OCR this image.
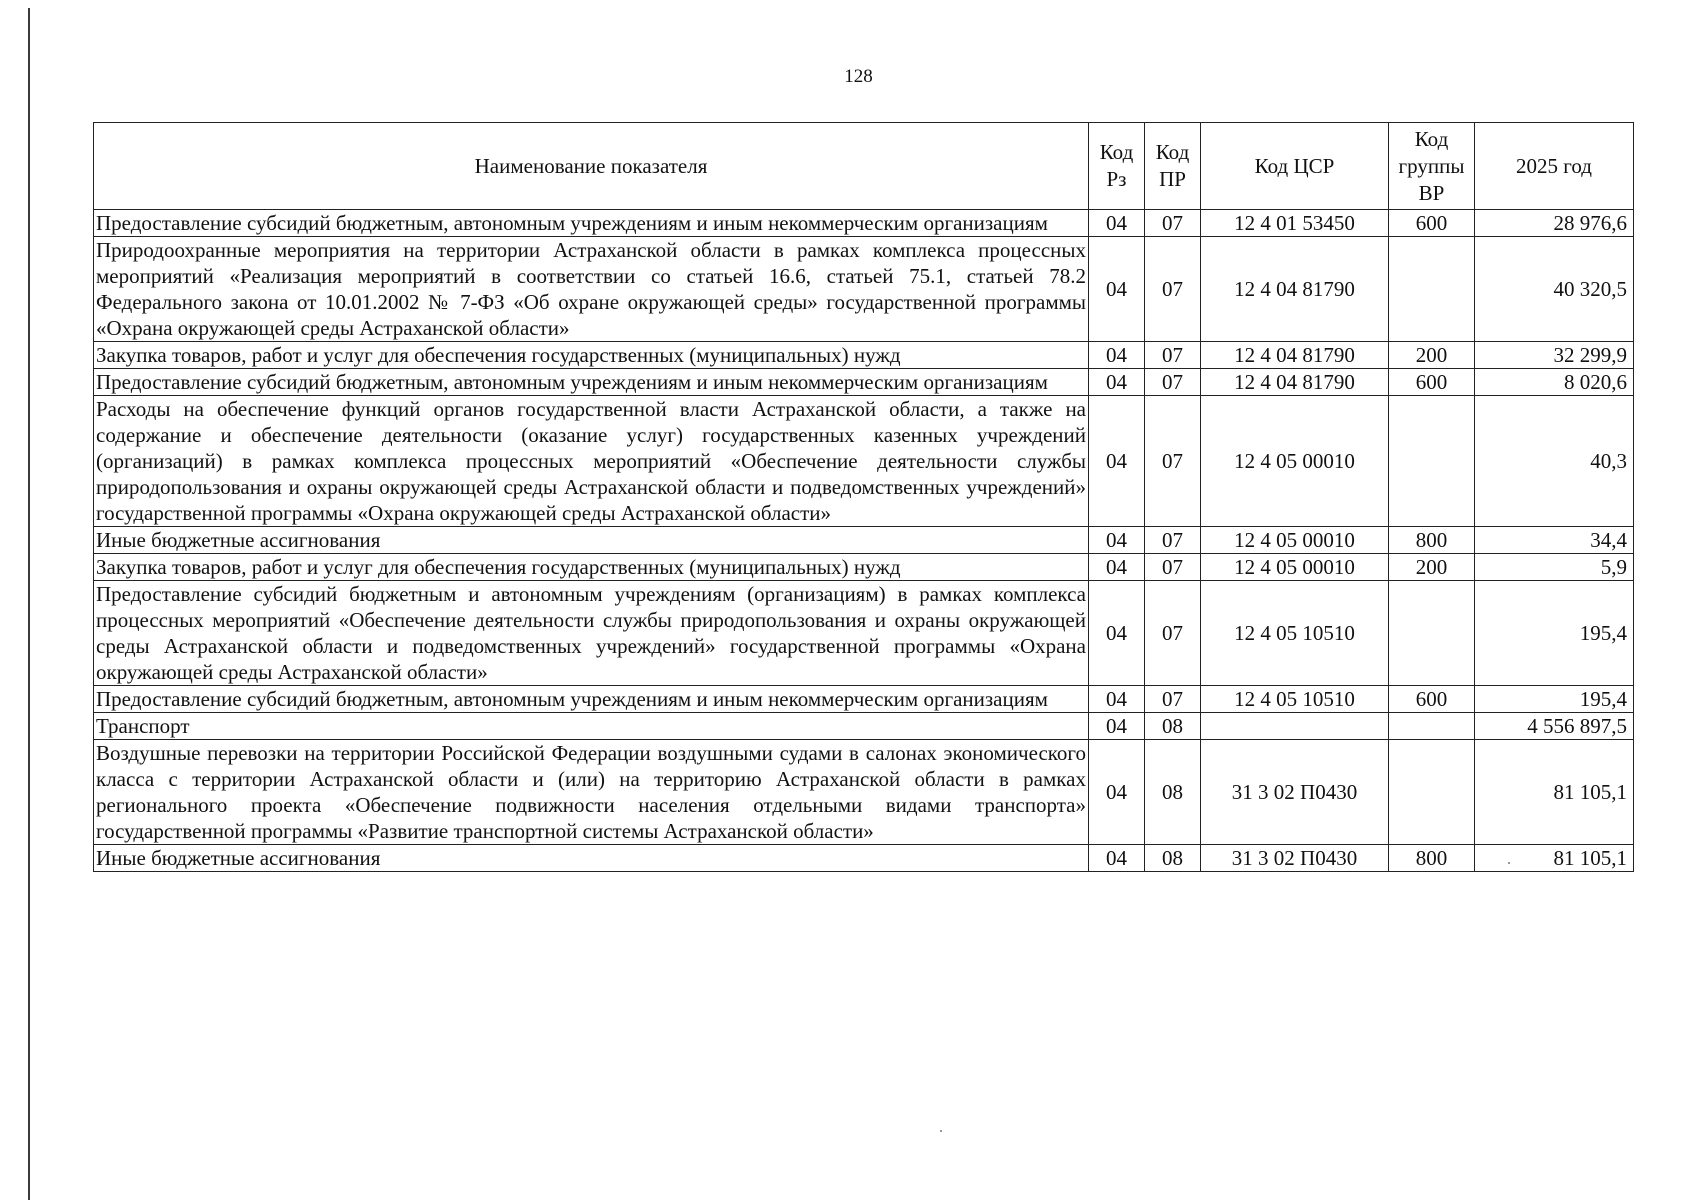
128
Наименование показателя	Код Рз	Код ПР	Код ЦСР	Код группы ВР	2025 год
Предоставление субсидий бюджетным, автономным учреждениям и иным некоммерческим организациям	04	07	12 4 01 53450	600	28 976,6
Природоохранные мероприятия на территории Астраханской области в рамках комплекса процессных мероприятий «Реализация мероприятий в соответствии со статьей 16.6, статьей 75.1, статьей 78.2 Федерального закона от 10.01.2002 № 7-ФЗ «Об охране окружающей среды» государственной программы «Охрана окружающей среды Астраханской области»	04	07	12 4 04 81790		40 320,5
Закупка товаров, работ и услуг для обеспечения государственных (муниципальных) нужд	04	07	12 4 04 81790	200	32 299,9
Предоставление субсидий бюджетным, автономным учреждениям и иным некоммерческим организациям	04	07	12 4 04 81790	600	8 020,6
Расходы на обеспечение функций органов государственной власти Астраханской области, а также на содержание и обеспечение деятельности (оказание услуг) государственных казенных учреждений (организаций) в рамках комплекса процессных мероприятий «Обеспечение деятельности службы природопользования и охраны окружающей среды Астраханской области и подведомственных учреждений» государственной программы «Охрана окружающей среды Астраханской области»	04	07	12 4 05 00010		40,3
Иные бюджетные ассигнования	04	07	12 4 05 00010	800	34,4
Закупка товаров, работ и услуг для обеспечения государственных (муниципальных) нужд	04	07	12 4 05 00010	200	5,9
Предоставление субсидий бюджетным и автономным учреждениям (организациям) в рамках комплекса процессных мероприятий «Обеспечение деятельности службы природопользования и охраны окружающей среды Астраханской области и подведомственных учреждений» государственной программы «Охрана окружающей среды Астраханской области»	04	07	12 4 05 10510		195,4
Предоставление субсидий бюджетным, автономным учреждениям и иным некоммерческим организациям	04	07	12 4 05 10510	600	195,4
Транспорт	04	08			4 556 897,5
Воздушные перевозки на территории Российской Федерации воздушными судами в салонах экономического класса с территории Астраханской области и (или) на территорию Астраханской области в рамках регионального проекта «Обеспечение подвижности населения отдельными видами транспорта» государственной программы «Развитие транспортной системы Астраханской области»	04	08	31 3 02 П0430		81 105,1
Иные бюджетные ассигнования	04	08	31 3 02 П0430	800	81 105,1
